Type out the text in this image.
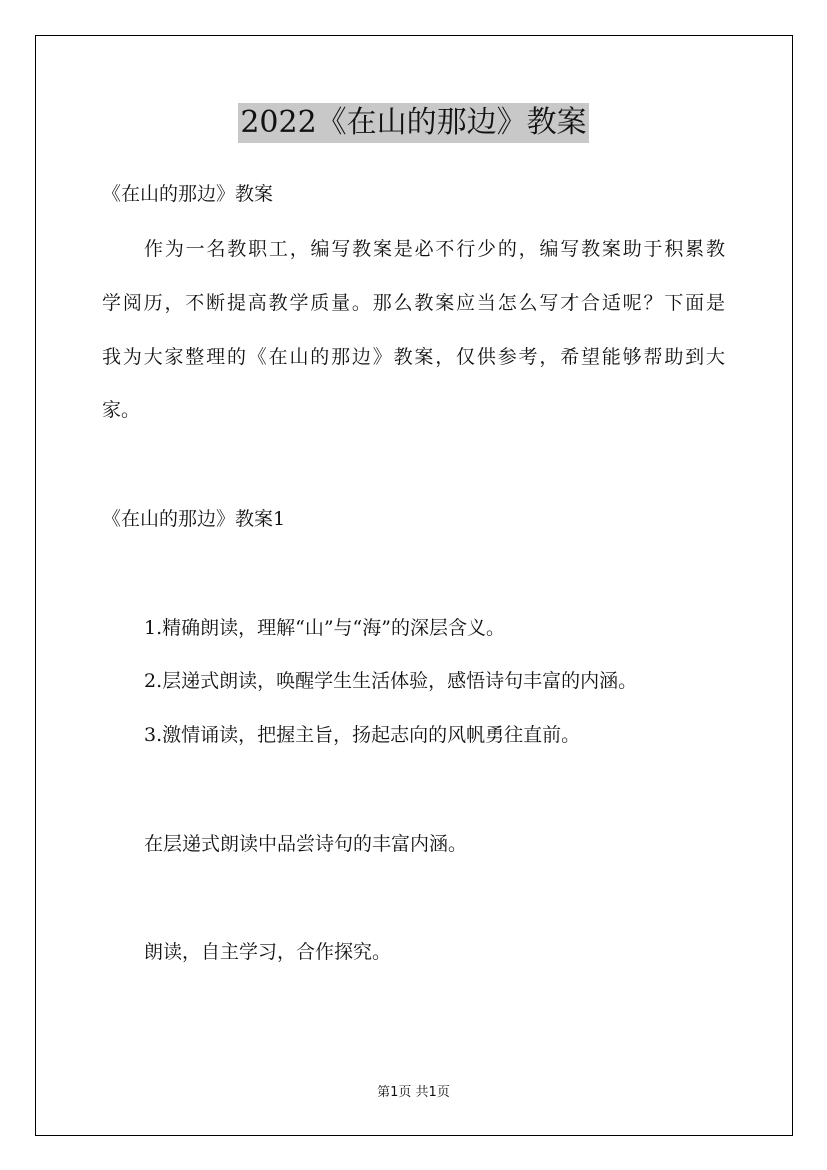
2022《在山的那边》教案
《在山的那边》教案
作为一名教职工，编写教案是必不行少的，编写教案助于积累教
学阅历，不断提高教学质量。那么教案应当怎么写才合适呢？下面是
我为大家整理的《在山的那边》教案，仅供参考，希望能够帮助到大
家。
《在山的那边》教案1
1.精确朗读，理解“山”与“海”的深层含义。
2.层递式朗读，唤醒学生生活体验，感悟诗句丰富的内涵。
3.激情诵读，把握主旨，扬起志向的风帆勇往直前。
在层递式朗读中品尝诗句的丰富内涵。
朗读，自主学习，合作探究。
第1页 共1页
